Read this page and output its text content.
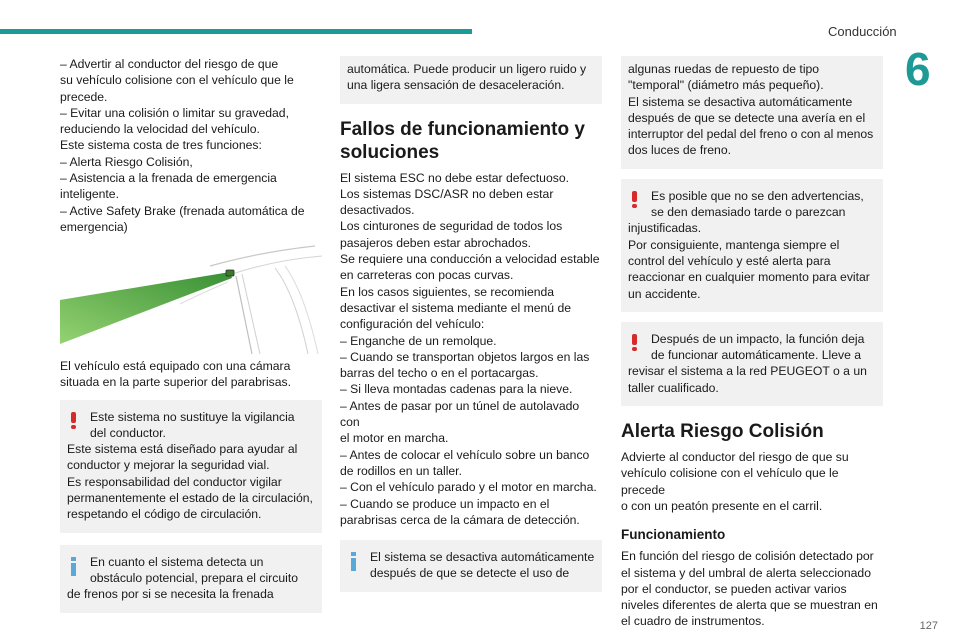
Conducción
6
127
– Advertir al conductor del riesgo de que
su vehículo colisione con el vehículo que le
precede.
– Evitar una colisión o limitar su gravedad,
reduciendo la velocidad del vehículo.
Este sistema costa de tres funciones:
– Alerta Riesgo Colisión,
– Asistencia a la frenada de emergencia
inteligente.
– Active Safety Brake (frenada automática de
emergencia)
El vehículo está equipado con una cámara
situada en la parte superior del parabrisas.
Este sistema no sustituye la vigilancia
del conductor.
Este sistema está diseñado para ayudar al
conductor y mejorar la seguridad vial.
Es responsabilidad del conductor vigilar
permanentemente el estado de la circulación,
respetando el código de circulación.
En cuanto el sistema detecta un
obstáculo potencial, prepara el circuito
de frenos por si se necesita la frenada
automática. Puede producir un ligero ruido y
una ligera sensación de desaceleración.
Fallos de funcionamiento y
soluciones
El sistema ESC no debe estar defectuoso.
Los sistemas DSC/ASR no deben estar
desactivados.
Los cinturones de seguridad de todos los
pasajeros deben estar abrochados.
Se requiere una conducción a velocidad estable
en carreteras con pocas curvas.
En los casos siguientes, se recomienda
desactivar el sistema mediante el menú de
configuración del vehículo:
– Enganche de un remolque.
– Cuando se transportan objetos largos en las
barras del techo o en el portacargas.
– Si lleva montadas cadenas para la nieve.
– Antes de pasar por un túnel de autolavado con
el motor en marcha.
– Antes de colocar el vehículo sobre un banco
de rodillos en un taller.
– Con el vehículo parado y el motor en marcha.
– Cuando se produce un impacto en el
parabrisas cerca de la cámara de detección.
El sistema se desactiva automáticamente
después de que se detecte el uso de
algunas ruedas de repuesto de tipo
"temporal" (diámetro más pequeño).
El sistema se desactiva automáticamente
después de que se detecte una avería en el
interruptor del pedal del freno o con al menos
dos luces de freno.
Es posible que no se den advertencias,
se den demasiado tarde o parezcan
injustificadas.
Por consiguiente, mantenga siempre el
control del vehículo y esté alerta para
reaccionar en cualquier momento para evitar
un accidente.
Después de un impacto, la función deja
de funcionar automáticamente. Lleve a
revisar el sistema a la red PEUGEOT o a un
taller cualificado.
Alerta Riesgo Colisión
Advierte al conductor del riesgo de que su
vehículo colisione con el vehículo que le precede
o con un peatón presente en el carril.
Funcionamiento
En función del riesgo de colisión detectado por
el sistema y del umbral de alerta seleccionado
por el conductor, se pueden activar varios
niveles diferentes de alerta que se muestran en
el cuadro de instrumentos.
